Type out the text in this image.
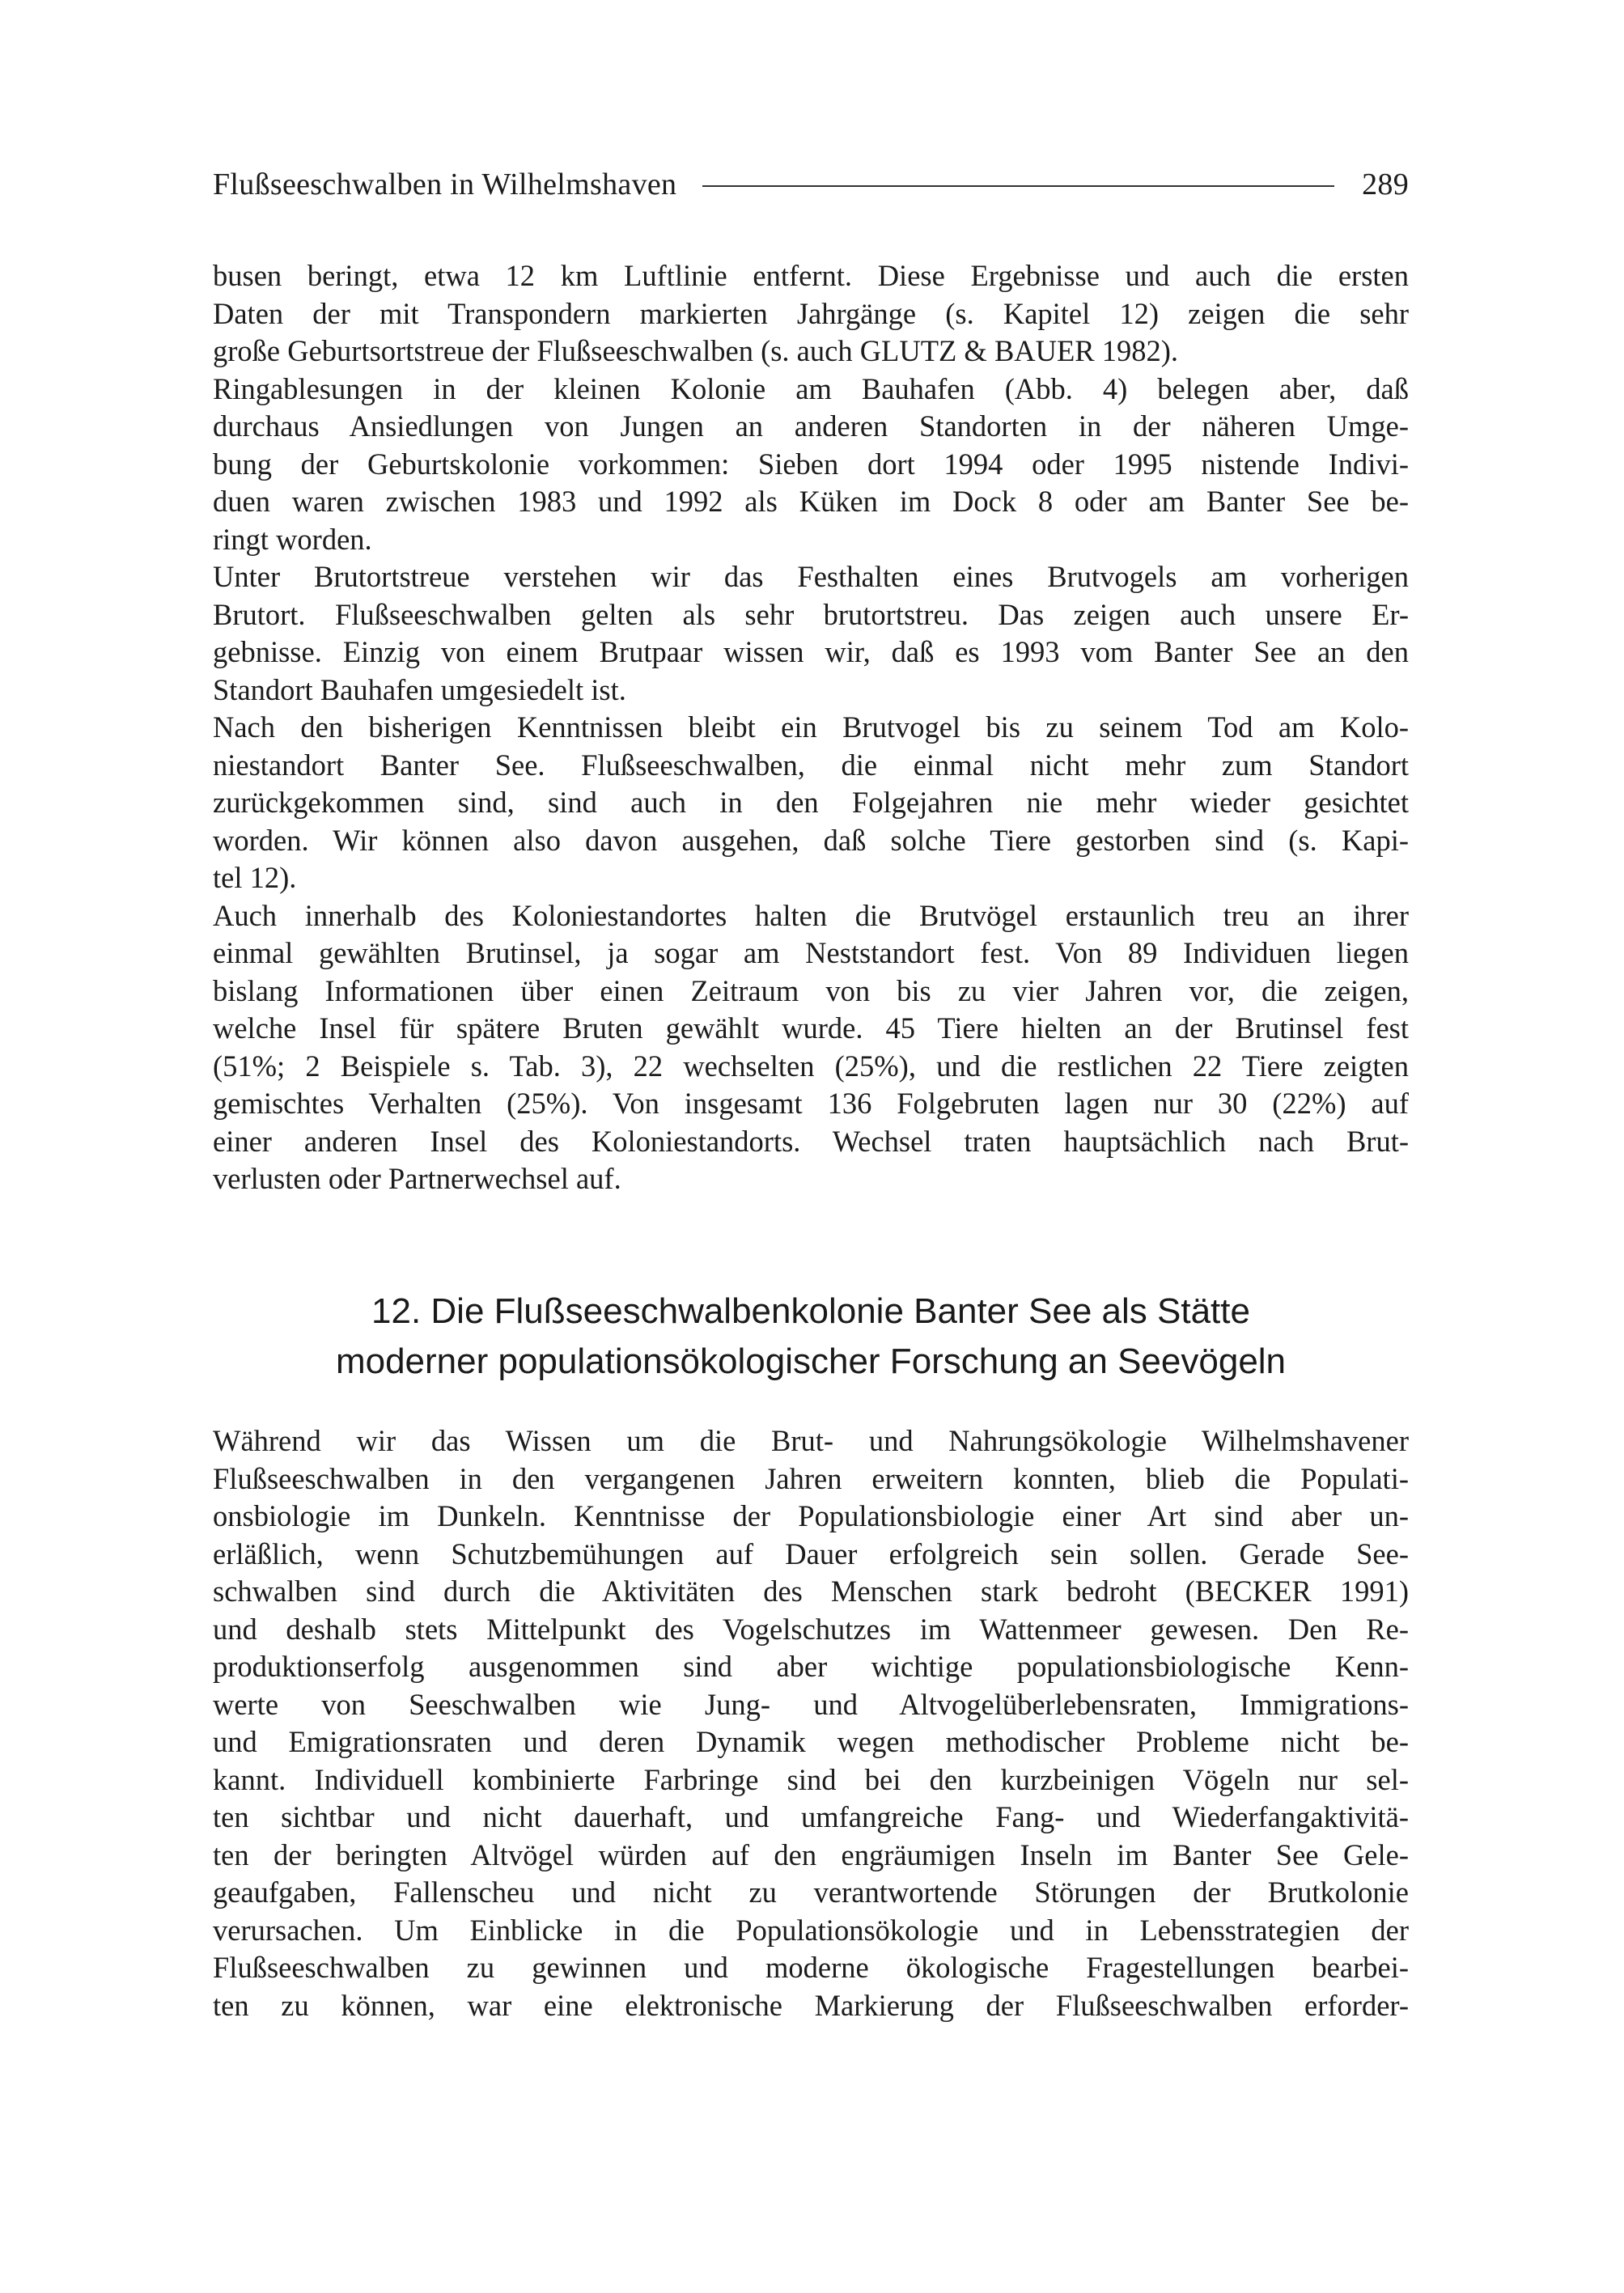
Flußseeschwalben in Wilhelmshaven	289
busen beringt, etwa 12 km Luftlinie entfernt. Diese Ergebnisse und auch die ersten
Daten der mit Transpondern markierten Jahrgänge (s. Kapitel 12) zeigen die sehr
große Geburtsortstreue der Flußseeschwalben (s. auch GLUTZ & BAUER 1982).
Ringablesungen in der kleinen Kolonie am Bauhafen (Abb. 4) belegen aber, daß
durchaus Ansiedlungen von Jungen an anderen Standorten in der näheren Umge-
bung der Geburtskolonie vorkommen: Sieben dort 1994 oder 1995 nistende Indivi-
duen waren zwischen 1983 und 1992 als Küken im Dock 8 oder am Banter See be-
ringt worden.
Unter Brutortstreue verstehen wir das Festhalten eines Brutvogels am vorherigen
Brutort. Flußseeschwalben gelten als sehr brutortstreu. Das zeigen auch unsere Er-
gebnisse. Einzig von einem Brutpaar wissen wir, daß es 1993 vom Banter See an den
Standort Bauhafen umgesiedelt ist.
Nach den bisherigen Kenntnissen bleibt ein Brutvogel bis zu seinem Tod am Kolo-
niestandort Banter See. Flußseeschwalben, die einmal nicht mehr zum Standort
zurückgekommen sind, sind auch in den Folgejahren nie mehr wieder gesichtet
worden. Wir können also davon ausgehen, daß solche Tiere gestorben sind (s. Kapi-
tel 12).
Auch innerhalb des Koloniestandortes halten die Brutvögel erstaunlich treu an ihrer
einmal gewählten Brutinsel, ja sogar am Neststandort fest. Von 89 Individuen liegen
bislang Informationen über einen Zeitraum von bis zu vier Jahren vor, die zeigen,
welche Insel für spätere Bruten gewählt wurde. 45 Tiere hielten an der Brutinsel fest
(51%; 2 Beispiele s. Tab. 3), 22 wechselten (25%), und die restlichen 22 Tiere zeigten
gemischtes Verhalten (25%). Von insgesamt 136 Folgebruten lagen nur 30 (22%) auf
einer anderen Insel des Koloniestandorts. Wechsel traten hauptsächlich nach Brut-
verlusten oder Partnerwechsel auf.
12. Die Flußseeschwalbenkolonie Banter See als Stätte
moderner populationsökologischer Forschung an Seevögeln
Während wir das Wissen um die Brut- und Nahrungsökologie Wilhelmshavener
Flußseeschwalben in den vergangenen Jahren erweitern konnten, blieb die Populati-
onsbiologie im Dunkeln. Kenntnisse der Populationsbiologie einer Art sind aber un-
erläßlich, wenn Schutzbemühungen auf Dauer erfolgreich sein sollen. Gerade See-
schwalben sind durch die Aktivitäten des Menschen stark bedroht (BECKER 1991)
und deshalb stets Mittelpunkt des Vogelschutzes im Wattenmeer gewesen. Den Re-
produktionserfolg ausgenommen sind aber wichtige populationsbiologische Kenn-
werte von Seeschwalben wie Jung- und Altvogelüberlebensraten, Immigrations-
und Emigrationsraten und deren Dynamik wegen methodischer Probleme nicht be-
kannt. Individuell kombinierte Farbringe sind bei den kurzbeinigen Vögeln nur sel-
ten sichtbar und nicht dauerhaft, und umfangreiche Fang- und Wiederfangaktivitä-
ten der beringten Altvögel würden auf den engräumigen Inseln im Banter See Gele-
geaufgaben, Fallenscheu und nicht zu verantwortende Störungen der Brutkolonie
verursachen. Um Einblicke in die Populationsökologie und in Lebensstrategien der
Flußseeschwalben zu gewinnen und moderne ökologische Fragestellungen bearbei-
ten zu können, war eine elektronische Markierung der Flußseeschwalben erforder-
